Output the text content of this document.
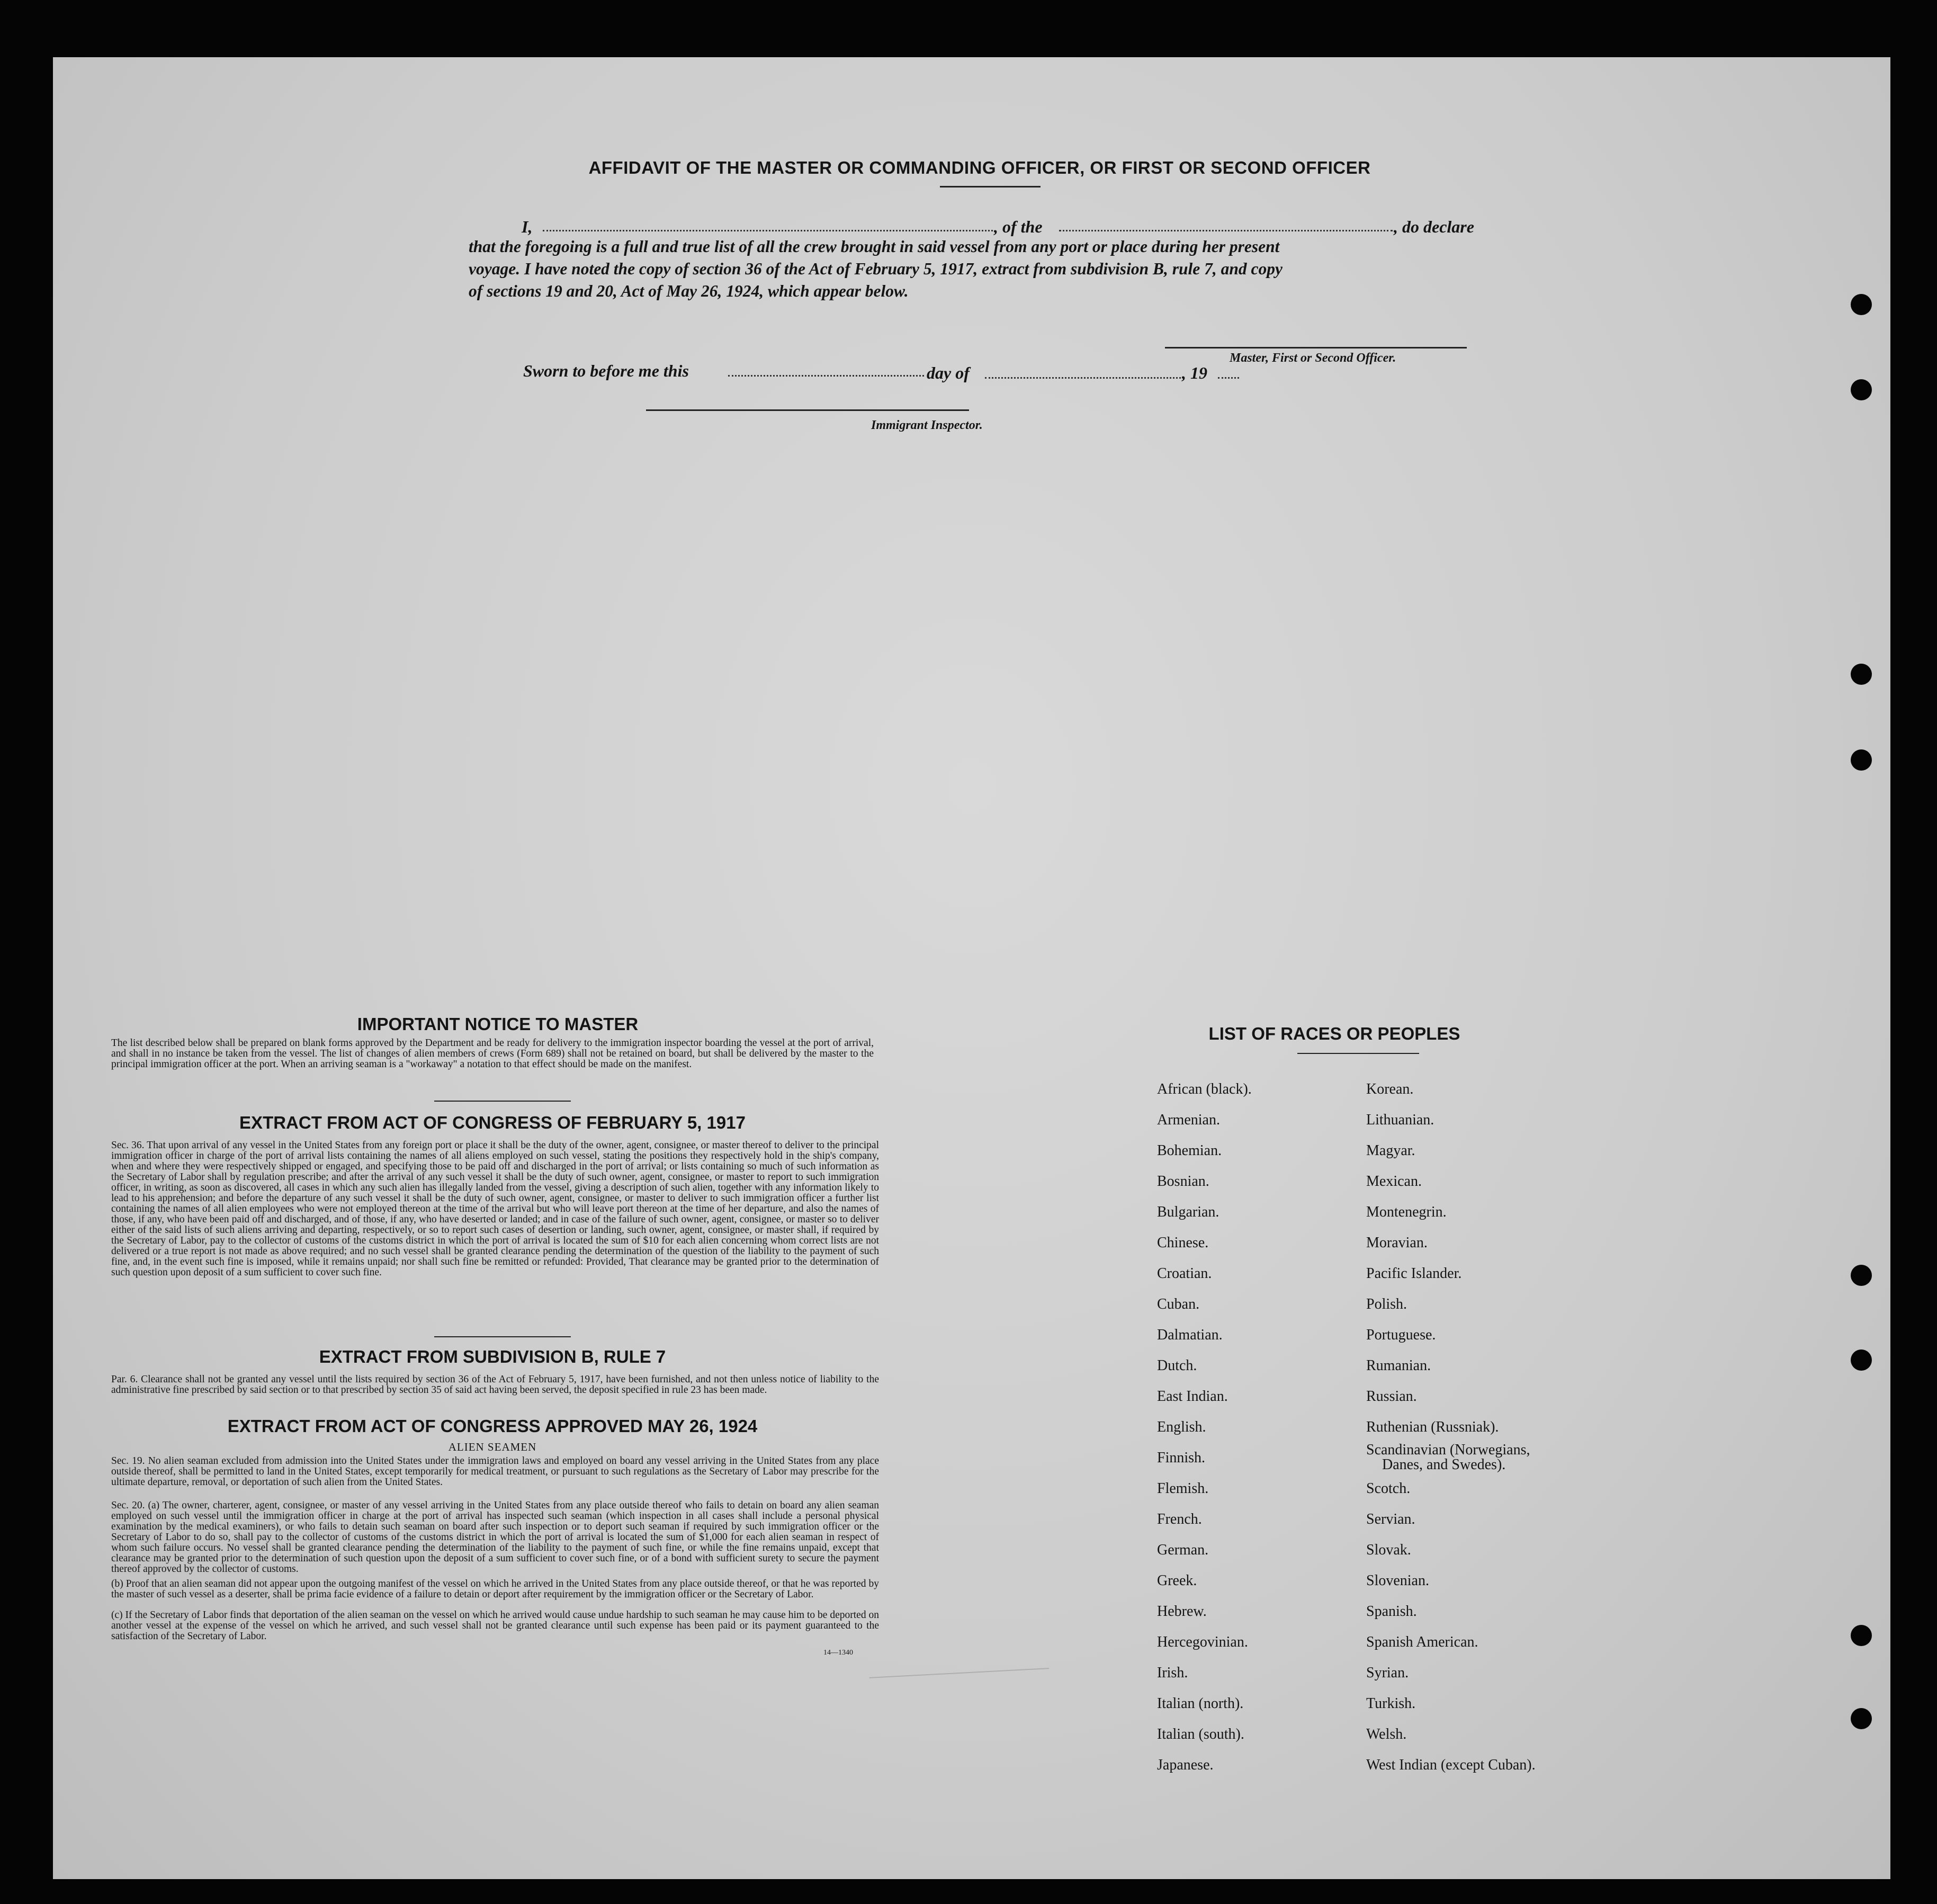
AFFIDAVIT OF THE MASTER OR COMMANDING OFFICER, OR FIRST OR SECOND OFFICER
I,	, of the	, do declare
that the foregoing is a full and true list of all the crew brought in said vessel from any port or place during her present
voyage. I have noted the copy of section 36 of the Act of February 5, 1917, extract from subdivision B, rule 7, and copy
of sections 19 and 20, Act of May 26, 1924, which appear below.
Master, First or Second Officer.
Sworn to before me this	day of	, 19
Immigrant Inspector.
IMPORTANT NOTICE TO MASTER
The list described below shall be prepared on blank forms approved by the Department and be ready for delivery to the immigration inspector boarding the vessel at the port of arrival, and shall in no instance be taken from the vessel. The list of changes of alien members of crews (Form 689) shall not be retained on board, but shall be delivered by the master to the principal immigration officer at the port. When an arriving seaman is a "workaway" a notation to that effect should be made on the manifest.
EXTRACT FROM ACT OF CONGRESS OF FEBRUARY 5, 1917
Sec. 36. That upon arrival of any vessel in the United States from any foreign port or place it shall be the duty of the owner, agent, consignee, or master thereof to deliver to the principal immigration officer in charge of the port of arrival lists containing the names of all aliens employed on such vessel, stating the positions they respectively hold in the ship's company, when and where they were respectively shipped or engaged, and specifying those to be paid off and discharged in the port of arrival; or lists containing so much of such information as the Secretary of Labor shall by regulation prescribe; and after the arrival of any such vessel it shall be the duty of such owner, agent, consignee, or master to report to such immigration officer, in writing, as soon as discovered, all cases in which any such alien has illegally landed from the vessel, giving a description of such alien, together with any information likely to lead to his apprehension; and before the departure of any such vessel it shall be the duty of such owner, agent, consignee, or master to deliver to such immigration officer a further list containing the names of all alien employees who were not employed thereon at the time of the arrival but who will leave port thereon at the time of her departure, and also the names of those, if any, who have been paid off and discharged, and of those, if any, who have deserted or landed; and in case of the failure of such owner, agent, consignee, or master so to deliver either of the said lists of such aliens arriving and departing, respectively, or so to report such cases of desertion or landing, such owner, agent, consignee, or master shall, if required by the Secretary of Labor, pay to the collector of customs of the customs district in which the port of arrival is located the sum of $10 for each alien concerning whom correct lists are not delivered or a true report is not made as above required; and no such vessel shall be granted clearance pending the determination of the question of the liability to the payment of such fine, and, in the event such fine is imposed, while it remains unpaid; nor shall such fine be remitted or refunded: Provided, That clearance may be granted prior to the determination of such question upon deposit of a sum sufficient to cover such fine.
EXTRACT FROM SUBDIVISION B, RULE 7
Par. 6. Clearance shall not be granted any vessel until the lists required by section 36 of the Act of February 5, 1917, have been furnished, and not then unless notice of liability to the administrative fine prescribed by said section or to that prescribed by section 35 of said act having been served, the deposit specified in rule 23 has been made.
EXTRACT FROM ACT OF CONGRESS APPROVED MAY 26, 1924
ALIEN SEAMEN
Sec. 19. No alien seaman excluded from admission into the United States under the immigration laws and employed on board any vessel arriving in the United States from any place outside thereof, shall be permitted to land in the United States, except temporarily for medical treatment, or pursuant to such regulations as the Secretary of Labor may prescribe for the ultimate departure, removal, or deportation of such alien from the United States.
Sec. 20. (a) The owner, charterer, agent, consignee, or master of any vessel arriving in the United States from any place outside thereof who fails to detain on board any alien seaman employed on such vessel until the immigration officer in charge at the port of arrival has inspected such seaman (which inspection in all cases shall include a personal physical examination by the medical examiners), or who fails to detain such seaman on board after such inspection or to deport such seaman if required by such immigration officer or the Secretary of Labor to do so, shall pay to the collector of customs of the customs district in which the port of arrival is located the sum of $1,000 for each alien seaman in respect of whom such failure occurs. No vessel shall be granted clearance pending the determination of the liability to the payment of such fine, or while the fine remains unpaid, except that clearance may be granted prior to the determination of such question upon the deposit of a sum sufficient to cover such fine, or of a bond with sufficient surety to secure the payment thereof approved by the collector of customs.
(b) Proof that an alien seaman did not appear upon the outgoing manifest of the vessel on which he arrived in the United States from any place outside thereof, or that he was reported by the master of such vessel as a deserter, shall be prima facie evidence of a failure to detain or deport after requirement by the immigration officer or the Secretary of Labor.
(c) If the Secretary of Labor finds that deportation of the alien seaman on the vessel on which he arrived would cause undue hardship to such seaman he may cause him to be deported on another vessel at the expense of the vessel on which he arrived, and such vessel shall not be granted clearance until such expense has been paid or its payment guaranteed to the satisfaction of the Secretary of Labor.
14—1340
LIST OF RACES OR PEOPLES
African (black).
Armenian.
Bohemian.
Bosnian.
Bulgarian.
Chinese.
Croatian.
Cuban.
Dalmatian.
Dutch.
East Indian.
English.
Finnish.
Flemish.
French.
German.
Greek.
Hebrew.
Hercegovinian.
Irish.
Italian (north).
Italian (south).
Japanese.
Korean.
Lithuanian.
Magyar.
Mexican.
Montenegrin.
Moravian.
Pacific Islander.
Polish.
Portuguese.
Rumanian.
Russian.
Ruthenian (Russniak).
Scandinavian (Norwegians,
Danes, and Swedes).
Scotch.
Servian.
Slovak.
Slovenian.
Spanish.
Spanish American.
Syrian.
Turkish.
Welsh.
West Indian (except Cuban).
